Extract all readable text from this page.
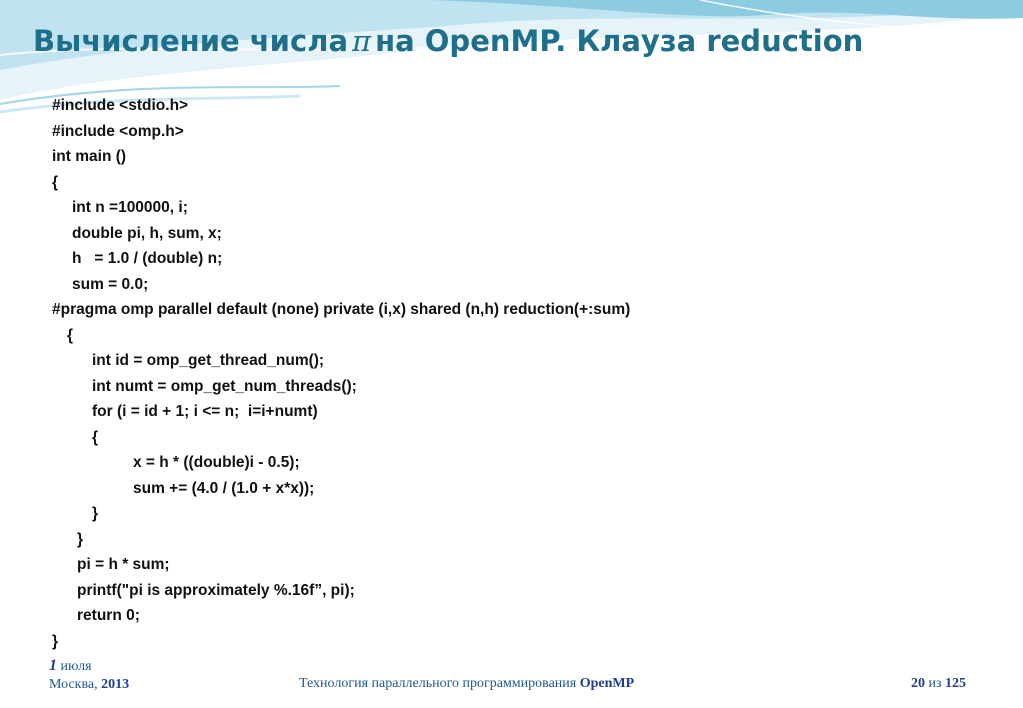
Вычисление числа π на OpenMP. Клауза reduction
#include <stdio.h>
#include <omp.h>
int main ()
{
int n =100000, i;
double pi, h, sum, x;
h   = 1.0 / (double) n;
sum = 0.0;
#pragma omp parallel default (none) private (i,x) shared (n,h) reduction(+:sum)
{
int id = omp_get_thread_num();
int numt = omp_get_num_threads();
for (i = id + 1; i <= n;  i=i+numt)
{
x = h * ((double)i - 0.5);
sum += (4.0 / (1.0 + x*x));
}
}
pi = h * sum;
printf("pi is approximately %.16f”, pi);
return 0;
}
1 июля
Москва, 2013	Технология параллельного программирования OpenMP	20 из 125
